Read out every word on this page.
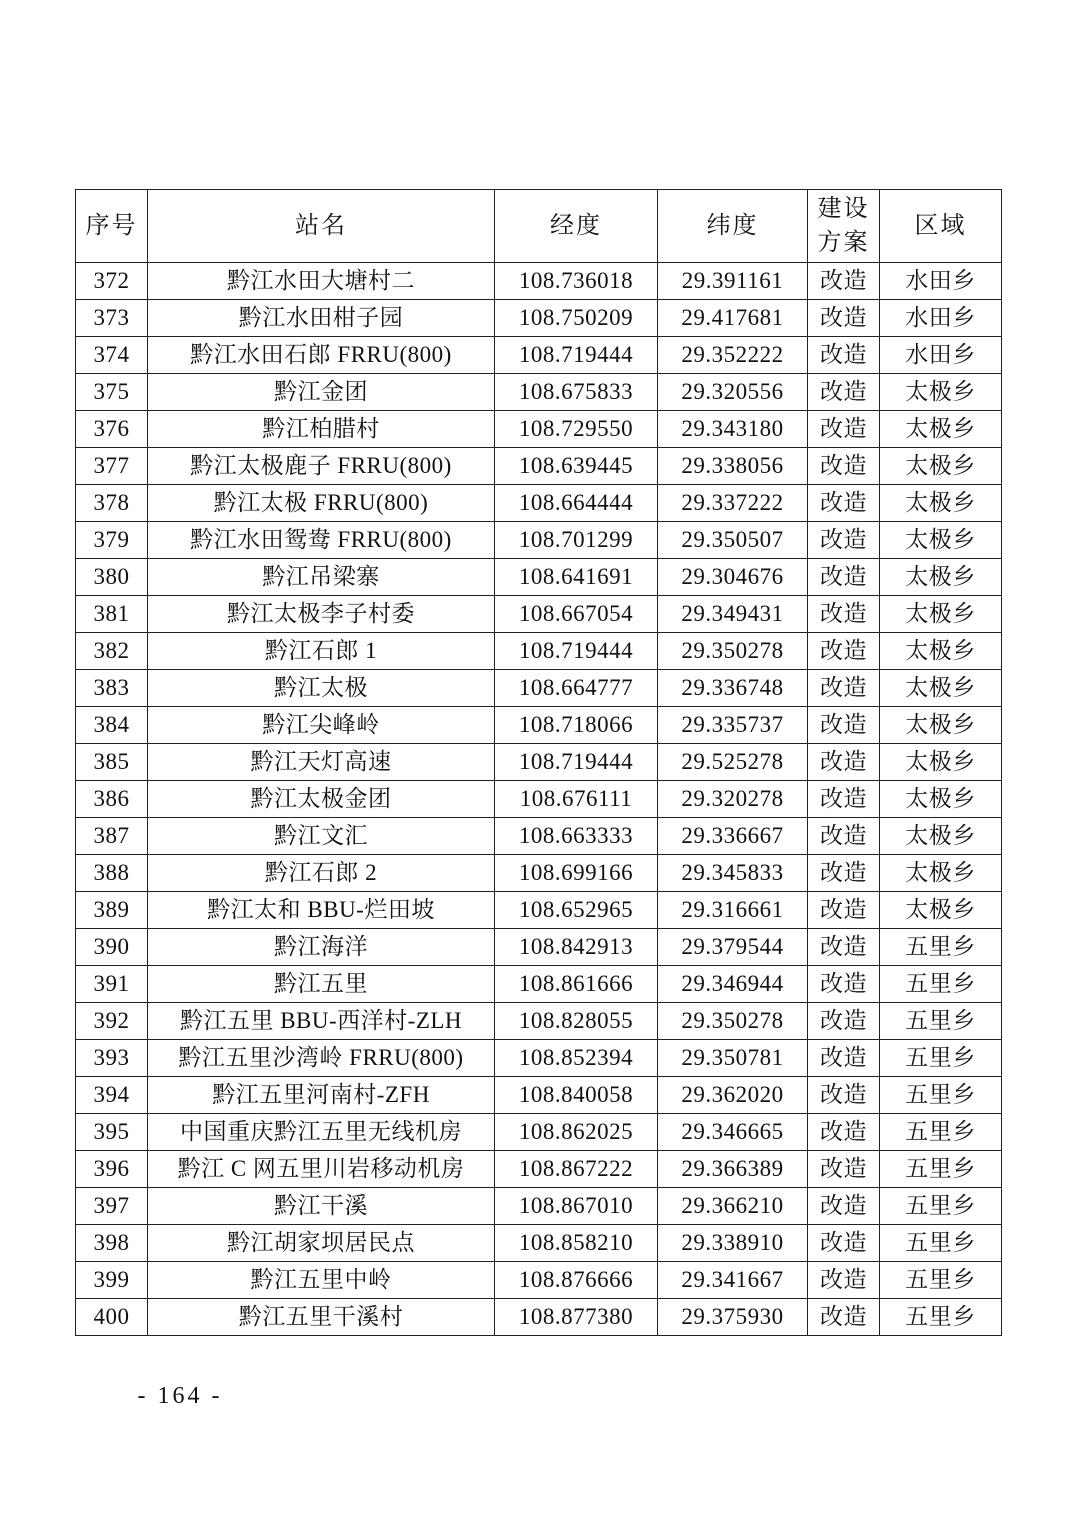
序号	站名	经度	纬度	建设方案	区域
372	黔江水田大塘村二	108.736018	29.391161	改造	水田乡
373	黔江水田柑子园	108.750209	29.417681	改造	水田乡
374	黔江水田石郎 FRRU(800)	108.719444	29.352222	改造	水田乡
375	黔江金团	108.675833	29.320556	改造	太极乡
376	黔江柏腊村	108.729550	29.343180	改造	太极乡
377	黔江太极鹿子 FRRU(800)	108.639445	29.338056	改造	太极乡
378	黔江太极 FRRU(800)	108.664444	29.337222	改造	太极乡
379	黔江水田鸳鸯 FRRU(800)	108.701299	29.350507	改造	太极乡
380	黔江吊梁寨	108.641691	29.304676	改造	太极乡
381	黔江太极李子村委	108.667054	29.349431	改造	太极乡
382	黔江石郎 1	108.719444	29.350278	改造	太极乡
383	黔江太极	108.664777	29.336748	改造	太极乡
384	黔江尖峰岭	108.718066	29.335737	改造	太极乡
385	黔江天灯高速	108.719444	29.525278	改造	太极乡
386	黔江太极金团	108.676111	29.320278	改造	太极乡
387	黔江文汇	108.663333	29.336667	改造	太极乡
388	黔江石郎 2	108.699166	29.345833	改造	太极乡
389	黔江太和 BBU-烂田坡	108.652965	29.316661	改造	太极乡
390	黔江海洋	108.842913	29.379544	改造	五里乡
391	黔江五里	108.861666	29.346944	改造	五里乡
392	黔江五里 BBU-西洋村-ZLH	108.828055	29.350278	改造	五里乡
393	黔江五里沙湾岭 FRRU(800)	108.852394	29.350781	改造	五里乡
394	黔江五里河南村-ZFH	108.840058	29.362020	改造	五里乡
395	中国重庆黔江五里无线机房	108.862025	29.346665	改造	五里乡
396	黔江 C 网五里川岩移动机房	108.867222	29.366389	改造	五里乡
397	黔江干溪	108.867010	29.366210	改造	五里乡
398	黔江胡家坝居民点	108.858210	29.338910	改造	五里乡
399	黔江五里中岭	108.876666	29.341667	改造	五里乡
400	黔江五里干溪村	108.877380	29.375930	改造	五里乡
- 164 -
